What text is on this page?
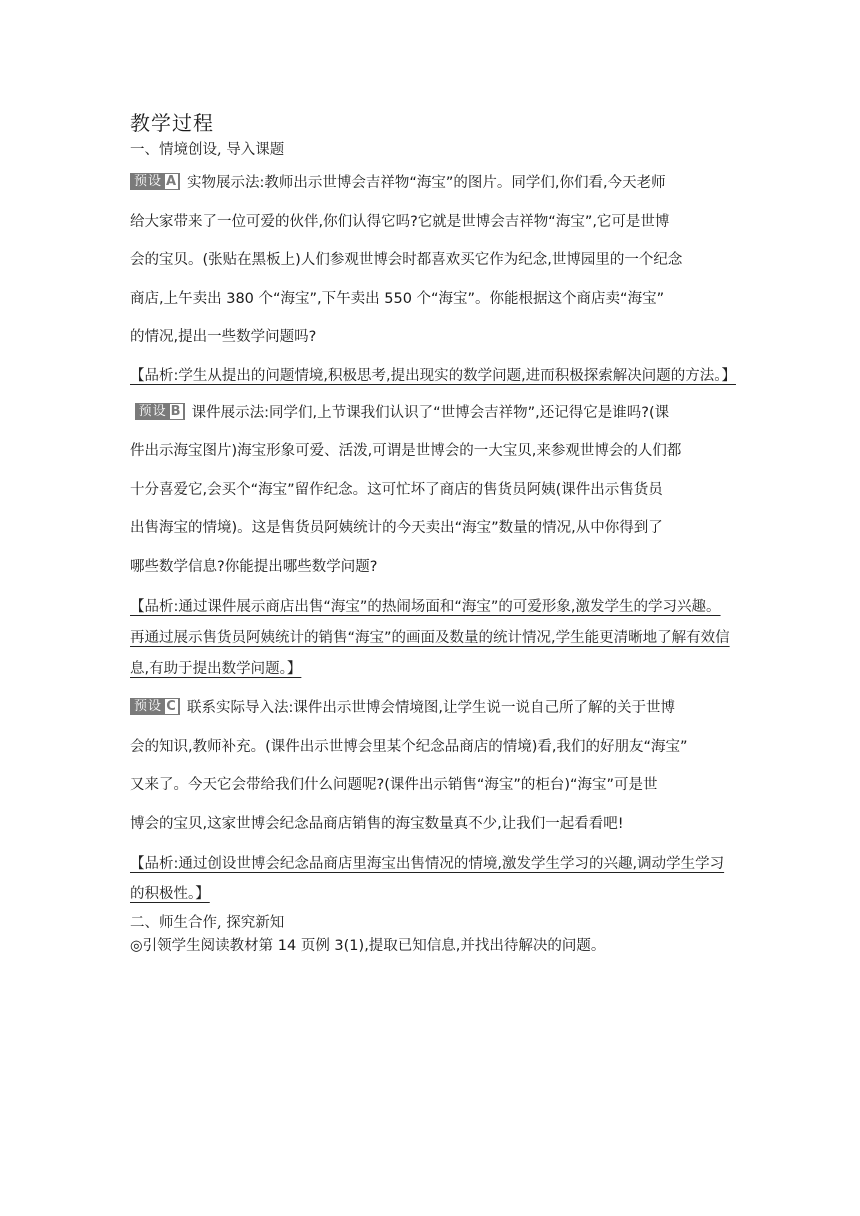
教学过程

一、情境创设, 导入课题

预设 A 实物展示法:教师出示世博会吉祥物“海宝”的图片。同学们,你们看,今天老师

给大家带来了一位可爱的伙伴,你们认得它吗?它就是世博会吉祥物“海宝”,它可是世博

会的宝贝。(张贴在黑板上)人们参观世博会时都喜欢买它作为纪念,世博园里的一个纪念

商店,上午卖出 380 个“海宝”,下午卖出 550 个“海宝”。你能根据这个商店卖“海宝”

的情况,提出一些数学问题吗?

【品析:学生从提出的问题情境,积极思考,提出现实的数学问题,进而积极探索解决问题的方法。】

预设 B 课件展示法:同学们,上节课我们认识了“世博会吉祥物”,还记得它是谁吗?(课

件出示海宝图片)海宝形象可爱、活泼,可谓是世博会的一大宝贝,来参观世博会的人们都

十分喜爱它,会买个“海宝”留作纪念。这可忙坏了商店的售货员阿姨(课件出示售货员

出售海宝的情境)。这是售货员阿姨统计的今天卖出“海宝”数量的情况,从中你得到了

哪些数学信息?你能提出哪些数学问题?

【品析:通过课件展示商店出售“海宝”的热闹场面和“海宝”的可爱形象,激发学生的学习兴趣。再通过展示售货员阿姨统计的销售“海宝”的画面及数量的统计情况,学生能更清晰地了解有效信息,有助于提出数学问题。】

预设 C 联系实际导入法:课件出示世博会情境图,让学生说一说自己所了解的关于世博

会的知识,教师补充。(课件出示世博会里某个纪念品商店的情境)看,我们的好朋友“海宝”

又来了。今天它会带给我们什么问题呢?(课件出示销售“海宝”的柜台)“海宝”可是世

博会的宝贝,这家世博会纪念品商店销售的海宝数量真不少,让我们一起看看吧!

【品析:通过创设世博会纪念品商店里海宝出售情况的情境,激发学生学习的兴趣,调动学生学习的积极性。】

二、师生合作, 探究新知

◎引领学生阅读教材第 14 页例 3(1),提取已知信息,并找出待解决的问题。
